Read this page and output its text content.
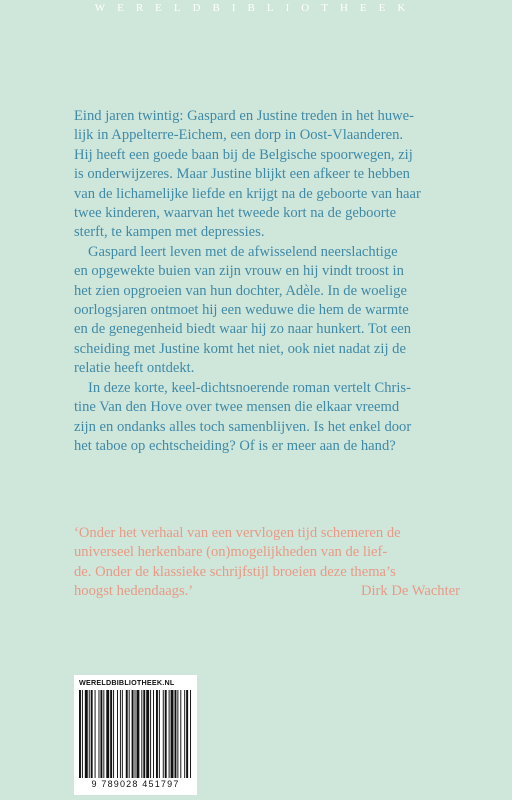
WERELDBIBLIOTHEEK

Eind jaren twintig: Gaspard en Justine treden in het huwe-
lijk in Appelterre-Eichem, een dorp in Oost-Vlaanderen.
Hij heeft een goede baan bij de Belgische spoorwegen, zij
is onderwijzeres. Maar Justine blijkt een afkeer te hebben
van de lichamelijke liefde en krijgt na de geboorte van haar
twee kinderen, waarvan het tweede kort na de geboorte
sterft, te kampen met depressies.

Gaspard leert leven met de afwisselend neerslachtige
en opgewekte buien van zijn vrouw en hij vindt troost in
het zien opgroeien van hun dochter, Adèle. In de woelige
oorlogsjaren ontmoet hij een weduwe die hem de warmte
en de genegenheid biedt waar hij zo naar hunkert. Tot een
scheiding met Justine komt het niet, ook niet nadat zij de
relatie heeft ontdekt.

In deze korte, keel-dichtsnoerende roman vertelt Chris-
tine Van den Hove over twee mensen die elkaar vreemd
zijn en ondanks alles toch samenblijven. Is het enkel door
het taboe op echtscheiding? Of is er meer aan de hand?

‘Onder het verhaal van een vervlogen tijd schemeren de
universeel herkenbare (on)mogelijkheden van de lief-
de. Onder de klassieke schrijfstijl broeien deze thema’s
hoogst hedendaags.’	Dirk De Wachter
WERELDBIBLIOTHEEK.NL
9 789028 451797
